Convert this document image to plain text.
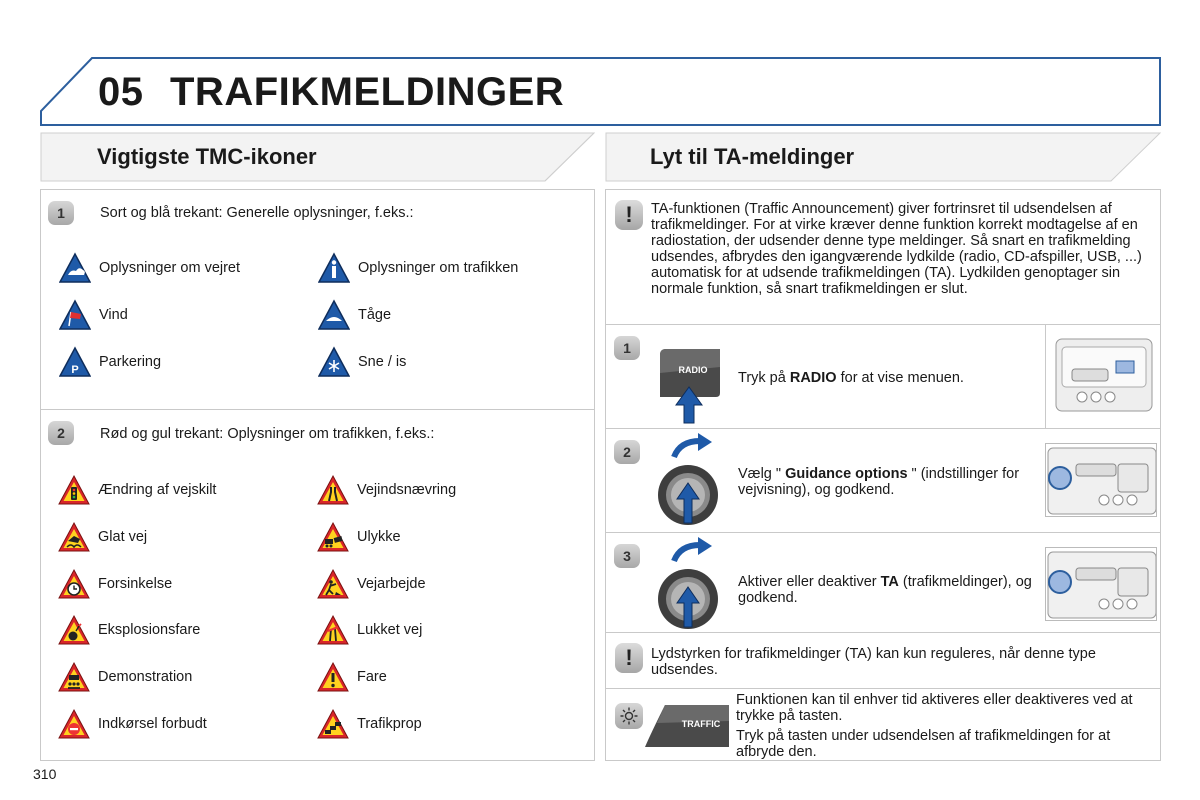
05 TRAFIKMELDINGER
Vigtigste TMC-ikoner	Lyt til TA-meldinger
1	Sort og blå trekant: Generelle oplysninger, f.eks.:
Oplysninger om vejret	Oplysninger om trafikken
Vind	Tåge
P Parkering	Sne / is
2	Rød og gul trekant: Oplysninger om trafikken, f.eks.:
Ændring af vejskilt	Vejindsnævring
Glat vej	Ulykke
Forsinkelse	Vejarbejde
Eksplosionsfare	Lukket vej
Demonstration	Fare
Indkørsel forbudt	Trafikprop
! TA-funktionen (Traffic Announcement) giver fortrinsret til udsendelsen af trafikmeldinger. For at virke kræver denne funktion korrekt modtagelse af en radiostation, der udsender denne type meldinger. Så snart en trafikmelding udsendes, afbrydes den igangværende lydkilde (radio, CD-afspiller, USB, ...) automatisk for at udsende trafikmeldingen (TA). Lydkilden genoptager sin normale funktion, så snart trafikmeldingen er slut.
1
RADIO	Tryk på RADIO for at vise menuen.
2
Vælg " Guidance options " (indstillinger for vejvisning), og godkend.
3
Aktiver eller deaktiver TA (trafikmeldinger), og godkend.
! Lydstyrken for trafikmeldinger (TA) kan kun reguleres, når denne type udsendes.
TRAFFIC
Funktionen kan til enhver tid aktiveres eller deaktiveres ved at trykke på tasten.
Tryk på tasten under udsendelsen af trafikmeldingen for at afbryde den.
310
